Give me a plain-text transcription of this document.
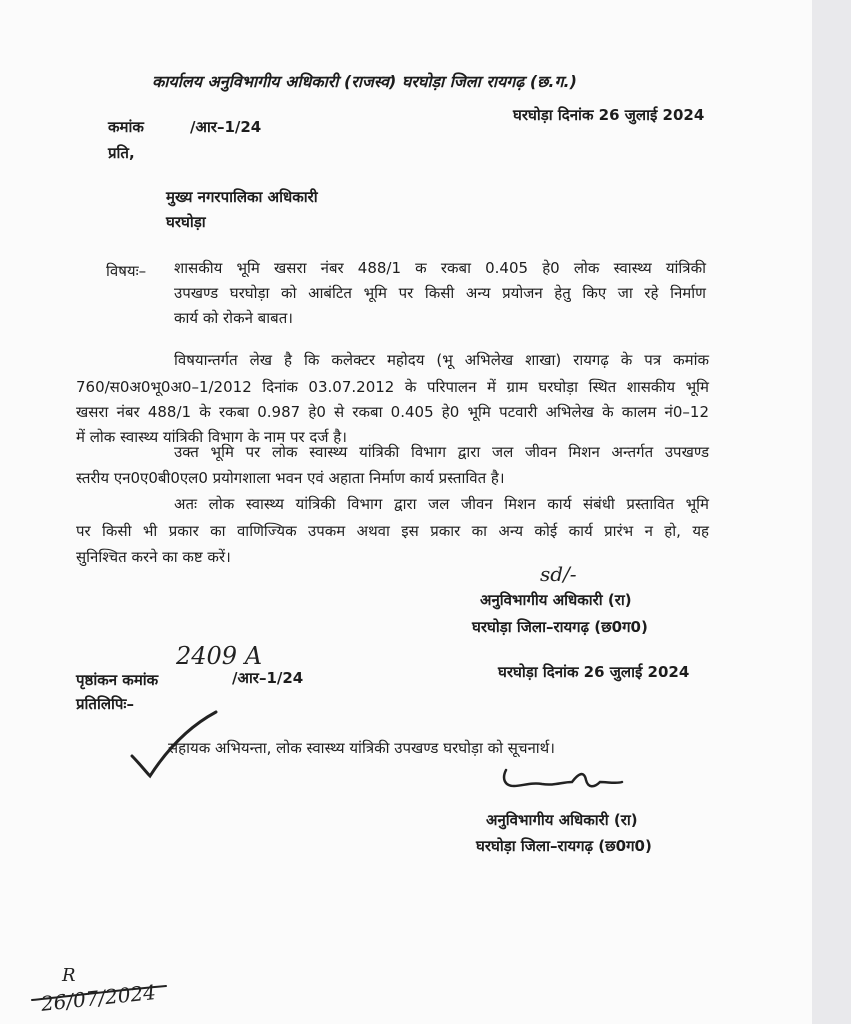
कार्यालय अनुविभागीय अधिकारी (राजस्व) घरघोड़ा जिला रायगढ़ (छ.ग.)
कमांक	/आर–1/24
घरघोड़ा दिनांक 26 जुलाई 2024
प्रति,
मुख्य नगरपालिका अधिकारी
घरघोड़ा
विषयः– शासकीय भूमि खसरा नंबर 488/1 क रकबा 0.405 हे0 लोक स्वास्थ्य यांत्रिकी
उपखण्ड घरघोड़ा को आबंटित भूमि पर किसी अन्य प्रयोजन हेतु किए जा रहे निर्माण
कार्य को रोकने बाबत।
विषयान्तर्गत लेख है कि कलेक्टर महोदय (भू अभिलेख शाखा) रायगढ़ के पत्र कमांक
760/स0अ0भू0अ0–1/2012 दिनांक 03.07.2012 के परिपालन में ग्राम घरघोड़ा स्थित शासकीय भूमि
खसरा नंबर 488/1 के रकबा 0.987 हे0 से रकबा 0.405 हे0 भूमि पटवारी अभिलेख के कालम नं0–12
में लोक स्वास्थ्य यांत्रिकी विभाग के नाम पर दर्ज है।
उक्त भूमि पर लोक स्वास्थ्य यांत्रिकी विभाग द्वारा जल जीवन मिशन अन्तर्गत उपखण्ड
स्तरीय एन0ए0बी0एल0 प्रयोगशाला भवन एवं अहाता निर्माण कार्य प्रस्तावित है।
अतः लोक स्वास्थ्य यांत्रिकी विभाग द्वारा जल जीवन मिशन कार्य संबंधी प्रस्तावित भूमि
पर किसी भी प्रकार का वाणिज्यिक उपकम अथवा इस प्रकार का अन्य कोई कार्य प्रारंभ न हो, यह
सुनिश्चित करने का कष्ट करें।
sd/-
अनुविभागीय अधिकारी (रा)
घरघोड़ा जिला–रायगढ़ (छ0ग0)
पृष्ठांकन कमांक
2409 A
/आर–1/24	घरघोड़ा दिनांक 26 जुलाई 2024
प्रतिलिपिः–
सहायक अभियन्ता, लोक स्वास्थ्य यांत्रिकी उपखण्ड घरघोड़ा को सूचनार्थ।
अनुविभागीय अधिकारी (रा)
घरघोड़ा जिला–रायगढ़ (छ0ग0)
R
26/07/2024
